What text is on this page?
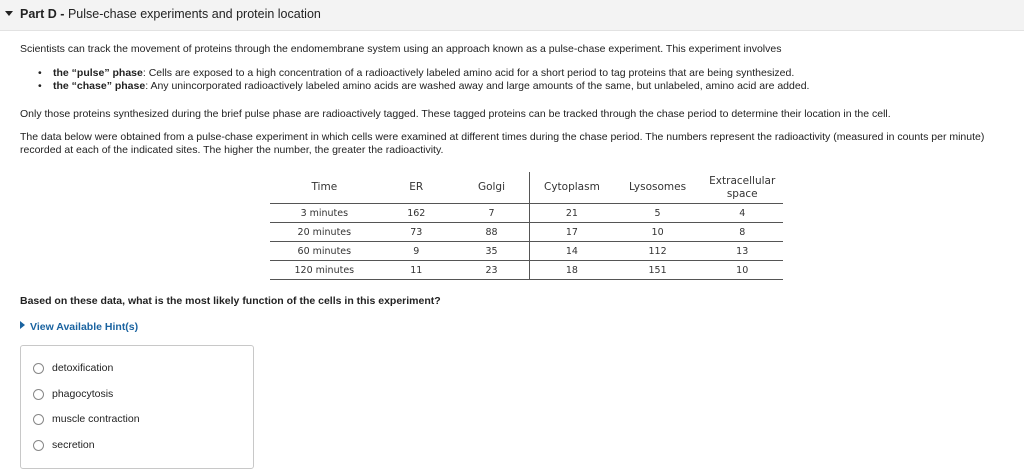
Part D - Pulse-chase experiments and protein location
Scientists can track the movement of proteins through the endomembrane system using an approach known as a pulse-chase experiment. This experiment involves
• the “pulse” phase: Cells are exposed to a high concentration of a radioactively labeled amino acid for a short period to tag proteins that are being synthesized.
• the “chase” phase: Any unincorporated radioactively labeled amino acids are washed away and large amounts of the same, but unlabeled, amino acid are added.
Only those proteins synthesized during the brief pulse phase are radioactively tagged. These tagged proteins can be tracked through the chase period to determine their location in the cell.
The data below were obtained from a pulse-chase experiment in which cells were examined at different times during the chase period. The numbers represent the radioactivity (measured in counts per minute) recorded at each of the indicated sites. The higher the number, the greater the radioactivity.
Time	ER	Golgi	Cytoplasm	Lysosomes	Extracellular space
3 minutes	162	7	21	5	4
20 minutes	73	88	17	10	8
60 minutes	9	35	14	112	13
120 minutes	11	23	18	151	10
Based on these data, what is the most likely function of the cells in this experiment?
View Available Hint(s)
detoxification
phagocytosis
muscle contraction
secretion
